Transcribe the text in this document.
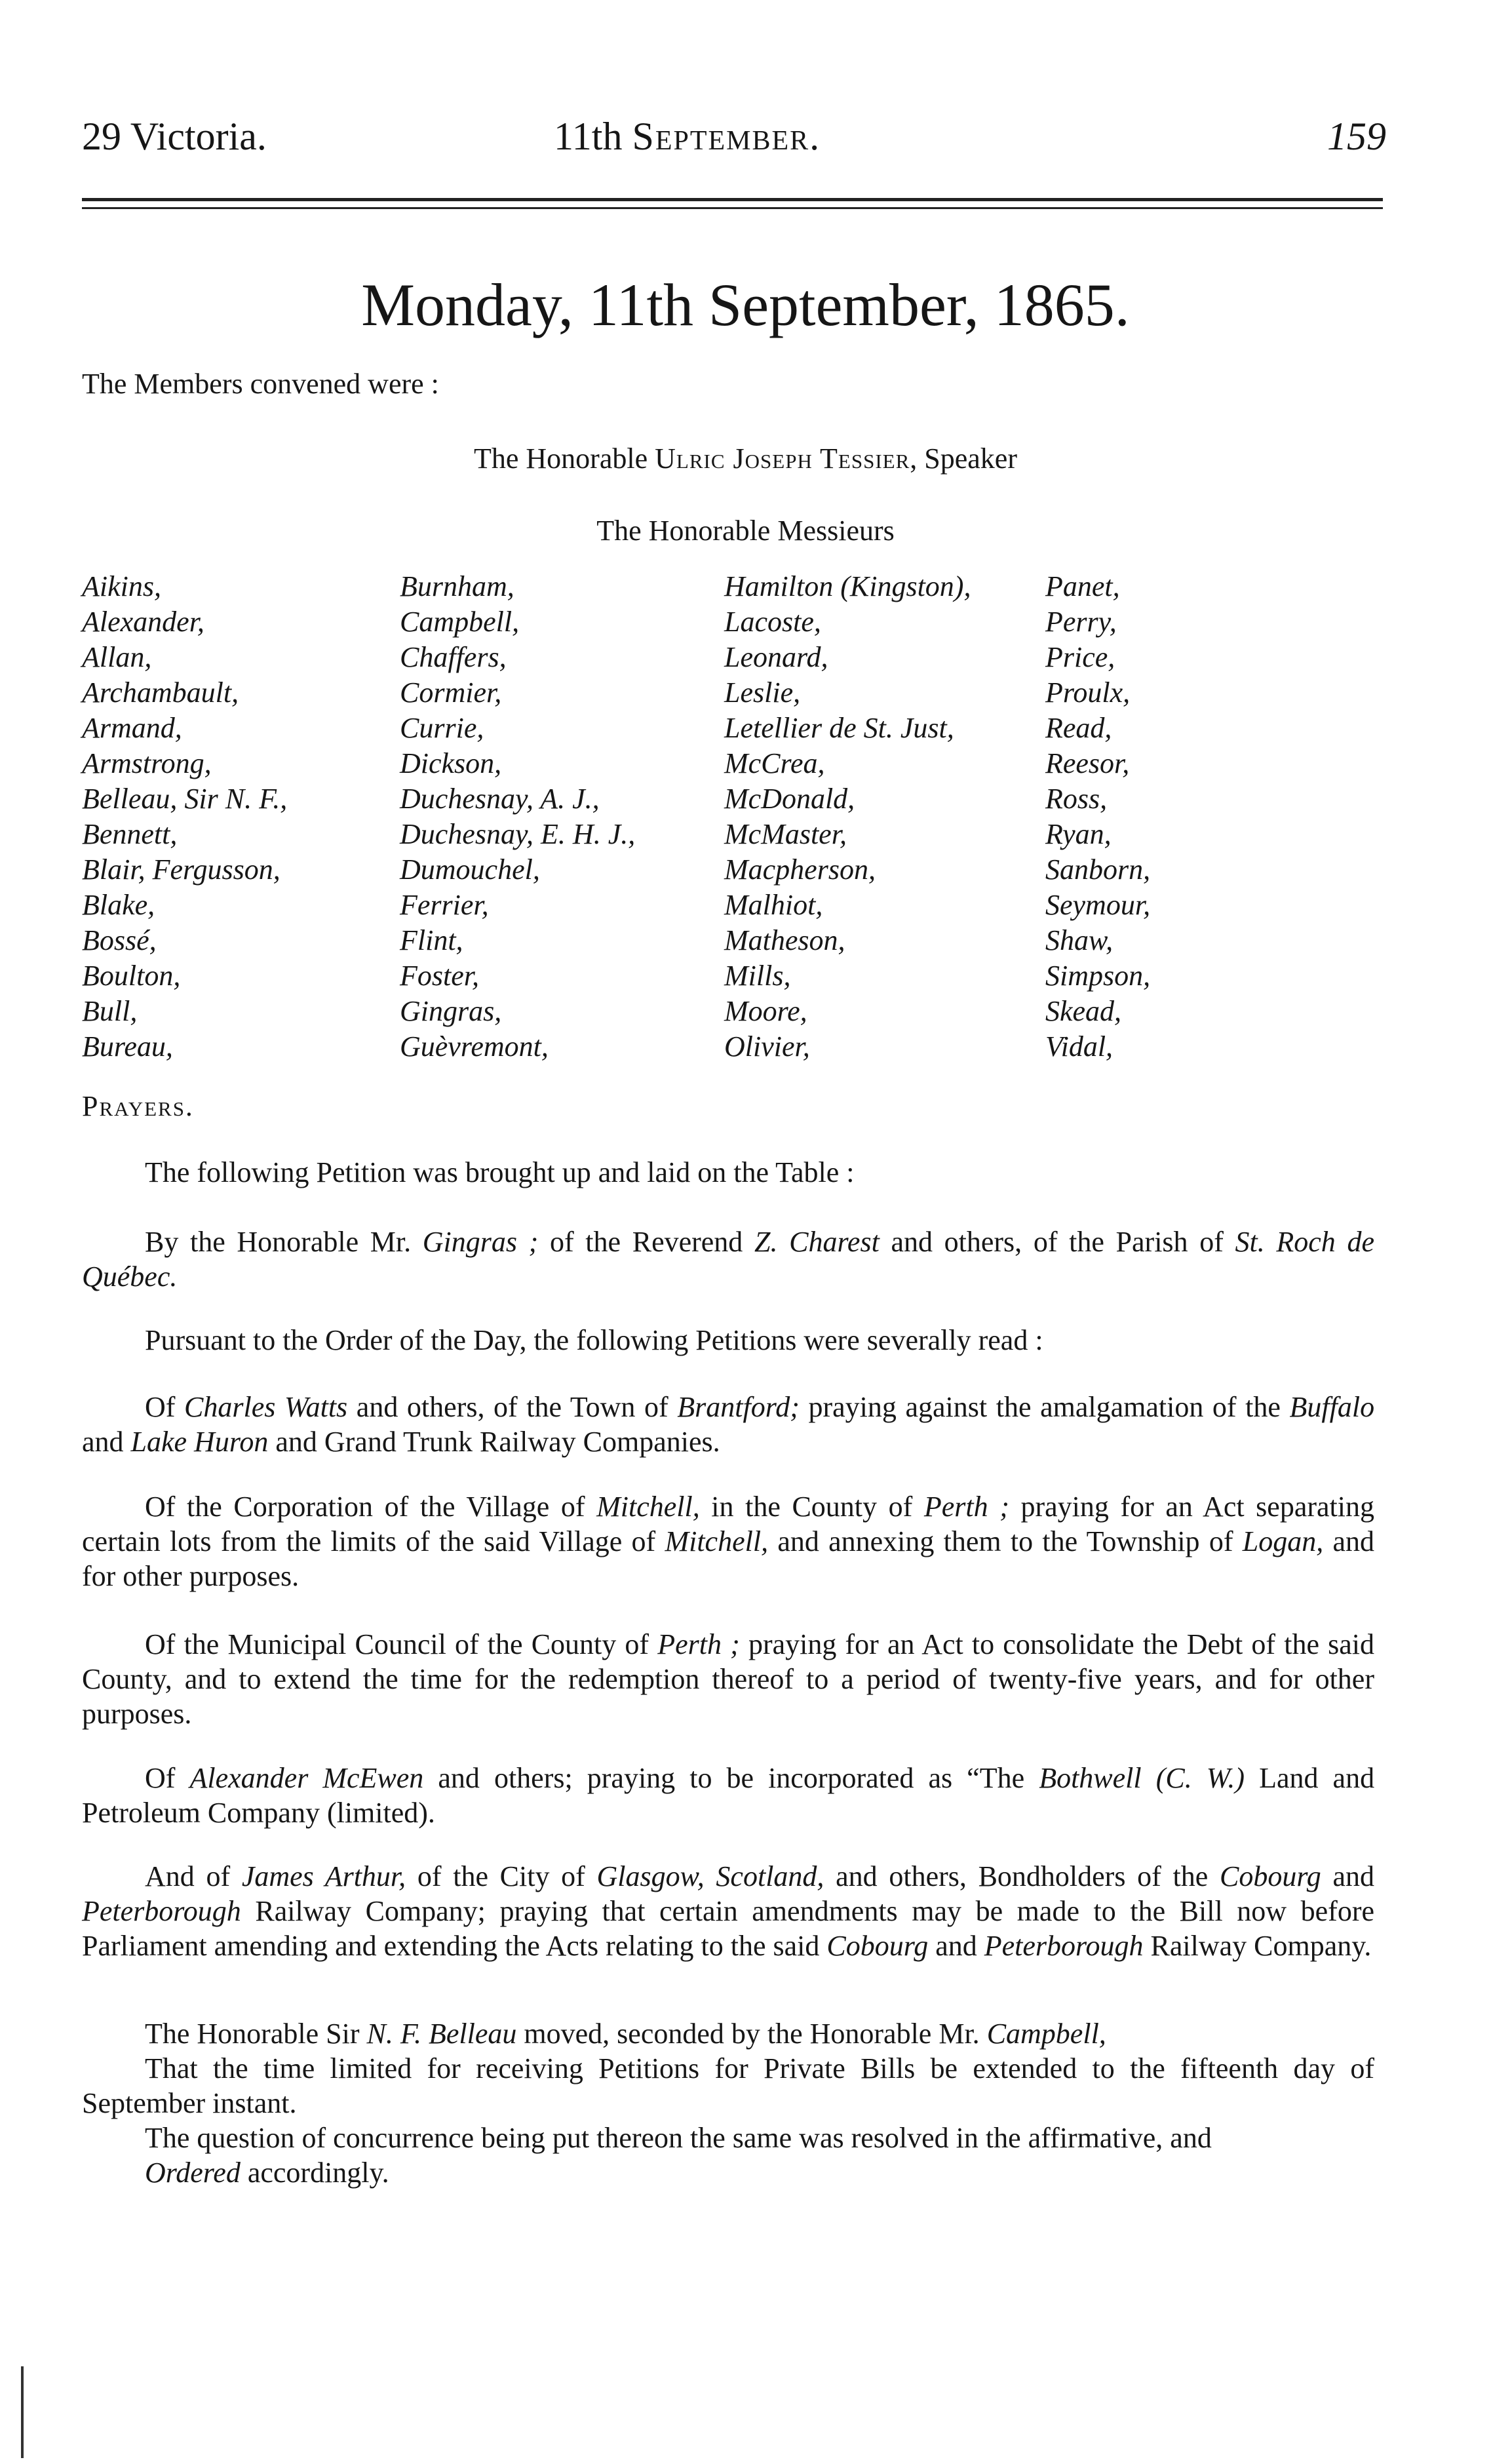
29 Victoria.	11th September.	159
Monday, 11th September, 1865.
The Members convened were :
The Honorable Ulric Joseph Tessier, Speaker
The Honorable Messieurs
Aikins,
Alexander,
Allan,
Archambault,
Armand,
Armstrong,
Belleau, Sir N. F.,
Bennett,
Blair, Fergusson,
Blake,
Bossé,
Boulton,
Bull,
Bureau,
Burnham,
Campbell,
Chaffers,
Cormier,
Currie,
Dickson,
Duchesnay, A. J.,
Duchesnay, E. H. J.,
Dumouchel,
Ferrier,
Flint,
Foster,
Gingras,
Guèvremont,
Hamilton (Kingston),
Lacoste,
Leonard,
Leslie,
Letellier de St. Just,
McCrea,
McDonald,
McMaster,
Macpherson,
Malhiot,
Matheson,
Mills,
Moore,
Olivier,
Panet,
Perry,
Price,
Proulx,
Read,
Reesor,
Ross,
Ryan,
Sanborn,
Seymour,
Shaw,
Simpson,
Skead,
Vidal,
Prayers.
The following Petition was brought up and laid on the Table :
By the Honorable Mr. Gingras ; of the Reverend Z. Charest and others, of the Parish of St. Roch de Québec.
Pursuant to the Order of the Day, the following Petitions were severally read :
Of Charles Watts and others, of the Town of Brantford; praying against the amalgamation of the Buffalo and Lake Huron and Grand Trunk Railway Companies.
Of the Corporation of the Village of Mitchell, in the County of Perth ; praying for an Act separating certain lots from the limits of the said Village of Mitchell, and annexing them to the Township of Logan, and for other purposes.
Of the Municipal Council of the County of Perth ; praying for an Act to consolidate the Debt of the said County, and to extend the time for the redemption thereof to a period of twenty-five years, and for other purposes.
Of Alexander McEwen and others; praying to be incorporated as “The Bothwell (C. W.) Land and Petroleum Company (limited).
And of James Arthur, of the City of Glasgow, Scotland, and others, Bondholders of the Cobourg and Peterborough Railway Company; praying that certain amendments may be made to the Bill now before Parliament amending and extending the Acts relating to the said Cobourg and Peterborough Railway Company.
The Honorable Sir N. F. Belleau moved, seconded by the Honorable Mr. Campbell,
That the time limited for receiving Petitions for Private Bills be extended to the fifteenth day of September instant.
The question of concurrence being put thereon the same was resolved in the affirmative, and
Ordered accordingly.
